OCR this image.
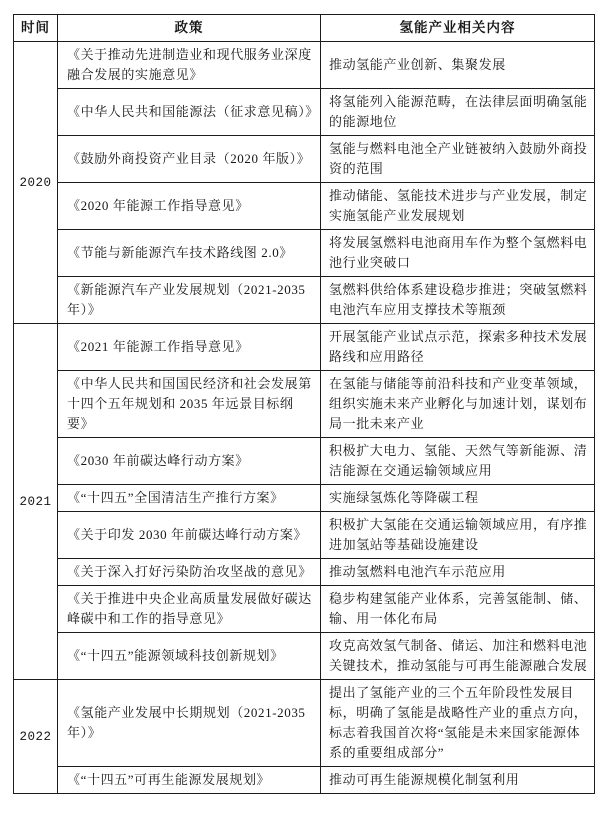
时间	政策	氢能产业相关内容
2020	《关于推动先进制造业和现代服务业深度融合发展的实施意见》	推动氢能产业创新、集聚发展
	《中华人民共和国能源法（征求意见稿）》	将氢能列入能源范畴，在法律层面明确氢能的能源地位
	《鼓励外商投资产业目录（2020 年版）》	氢能与燃料电池全产业链被纳入鼓励外商投资的范围
	《2020 年能源工作指导意见》	推动储能、氢能技术进步与产业发展，制定实施氢能产业发展规划
	《节能与新能源汽车技术路线图 2.0》	将发展氢燃料电池商用车作为整个氢燃料电池行业突破口
	《新能源汽车产业发展规划（2021-2035 年）》	氢燃料供给体系建设稳步推进；突破氢燃料电池汽车应用支撑技术等瓶颈
2021	《2021 年能源工作指导意见》	开展氢能产业试点示范，探索多种技术发展路线和应用路径
	《中华人民共和国国民经济和社会发展第十四个五年规划和 2035 年远景目标纲要》	在氢能与储能等前沿科技和产业变革领域，组织实施未来产业孵化与加速计划，谋划布局一批未来产业
	《2030 年前碳达峰行动方案》	积极扩大电力、氢能、天然气等新能源、清洁能源在交通运输领域应用
	《“十四五”全国清洁生产推行方案》	实施绿氢炼化等降碳工程
	《关于印发 2030 年前碳达峰行动方案》	积极扩大氢能在交通运输领域应用，有序推进加氢站等基础设施建设
	《关于深入打好污染防治攻坚战的意见》	推动氢燃料电池汽车示范应用
	《关于推进中央企业高质量发展做好碳达峰碳中和工作的指导意见》	稳步构建氢能产业体系，完善氢能制、储、输、用一体化布局
	《“十四五”能源领域科技创新规划》	攻克高效氢气制备、储运、加注和燃料电池关键技术，推动氢能与可再生能源融合发展
2022	《氢能产业发展中长期规划（2021-2035 年）》	提出了氢能产业的三个五年阶段性发展目标，明确了氢能是战略性产业的重点方向，标志着我国首次将“氢能是未来国家能源体系的重要组成部分”
	《“十四五”可再生能源发展规划》	推动可再生能源规模化制氢利用
